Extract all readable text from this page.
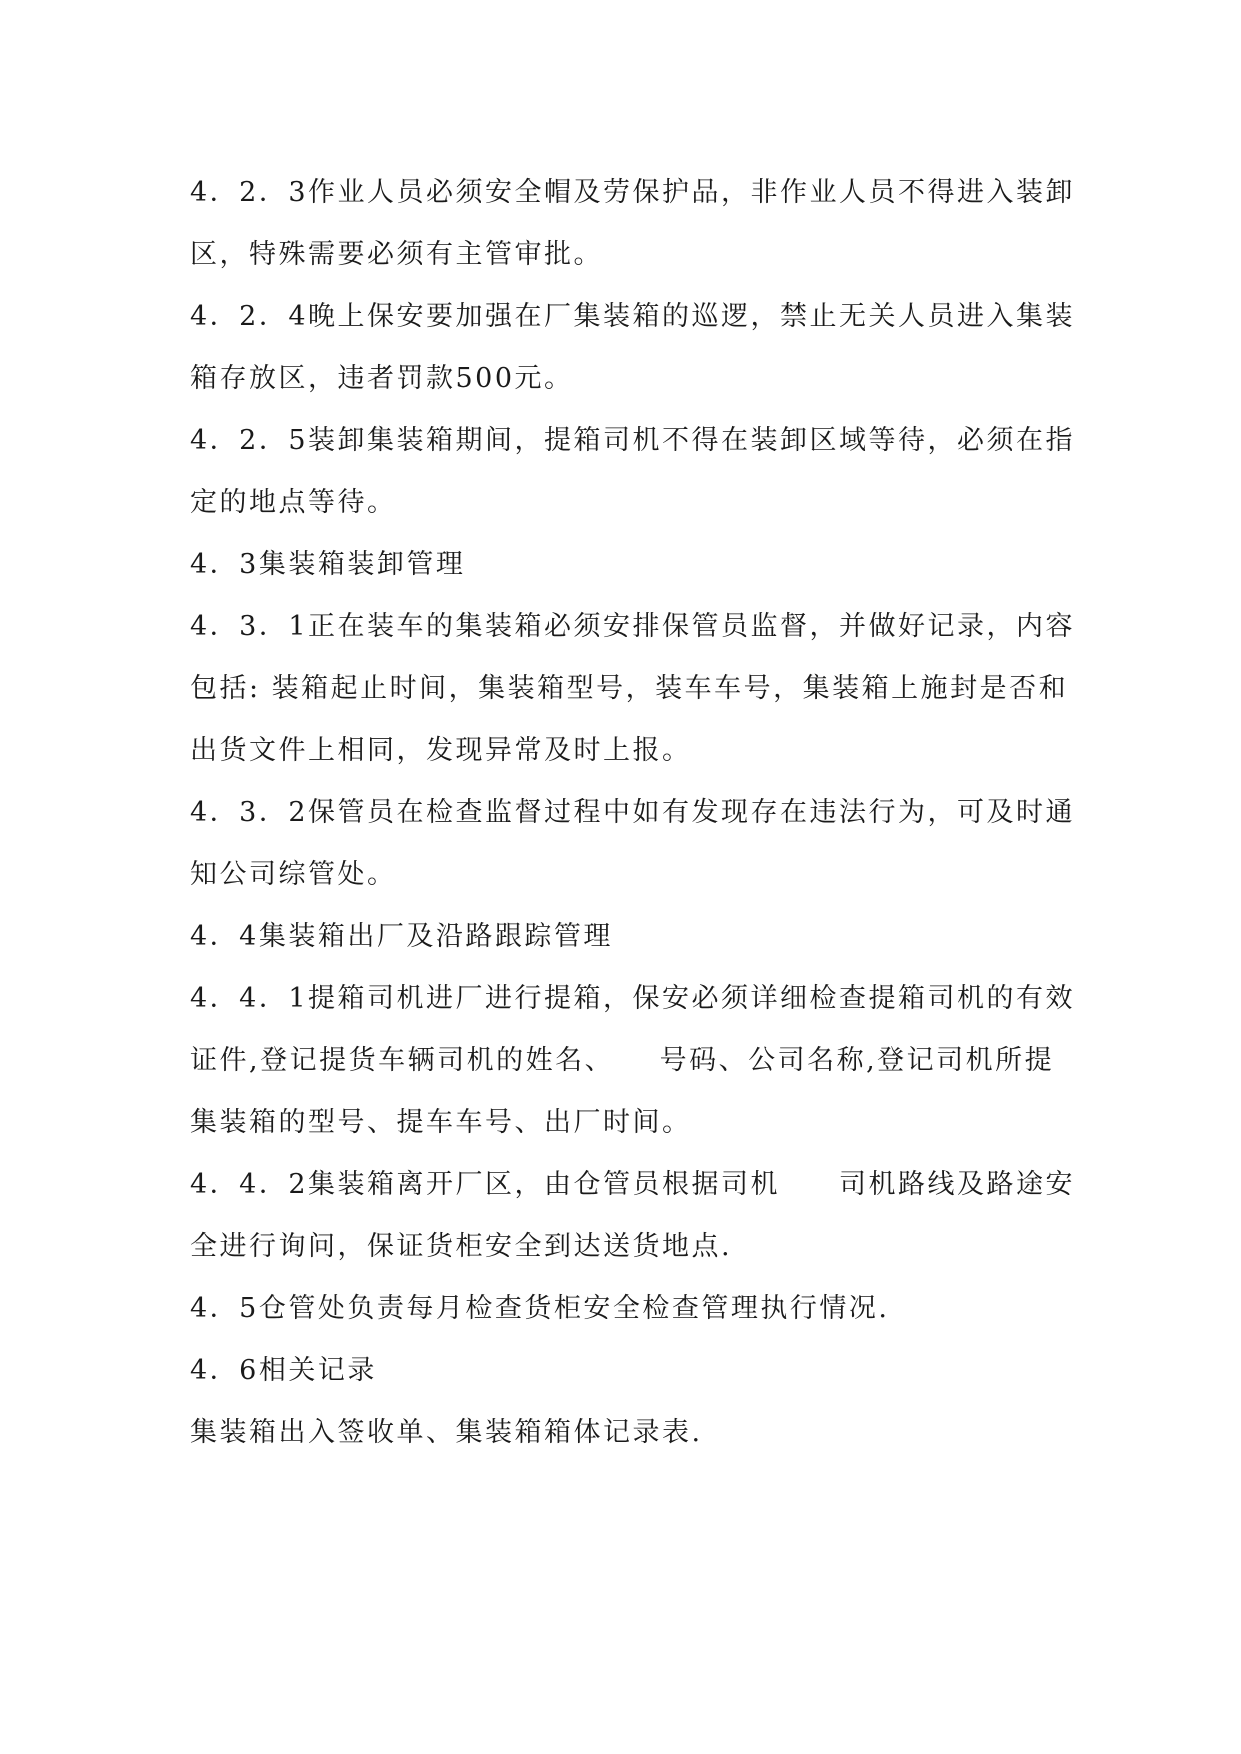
4．2．3作业人员必须安全帽及劳保护品，非作业人员不得进入装卸
区，特殊需要必须有主管审批。
4．2．4晚上保安要加强在厂集装箱的巡逻，禁止无关人员进入集装
箱存放区，违者罚款500元。
4．2．5装卸集装箱期间，提箱司机不得在装卸区域等待，必须在指
定的地点等待。
4．3集装箱装卸管理
4．3．1正在装车的集装箱必须安排保管员监督，并做好记录，内容
包括: 装箱起止时间，集装箱型号，装车车号，集装箱上施封是否和
出货文件上相同，发现异常及时上报。
4．3．2保管员在检查监督过程中如有发现存在违法行为，可及时通
知公司综管处。
4．4集装箱出厂及沿路跟踪管理
4．4．1提箱司机进厂进行提箱，保安必须详细检查提箱司机的有效
证件,登记提货车辆司机的姓名、　　号码、公司名称,登记司机所提
集装箱的型号、提车车号、出厂时间。
4．4．2集装箱离开厂区，由仓管员根据司机　　司机路线及路途安
全进行询问，保证货柜安全到达送货地点.
4．5仓管处负责每月检查货柜安全检查管理执行情况.
4．6相关记录
集装箱出入签收单、集装箱箱体记录表.
